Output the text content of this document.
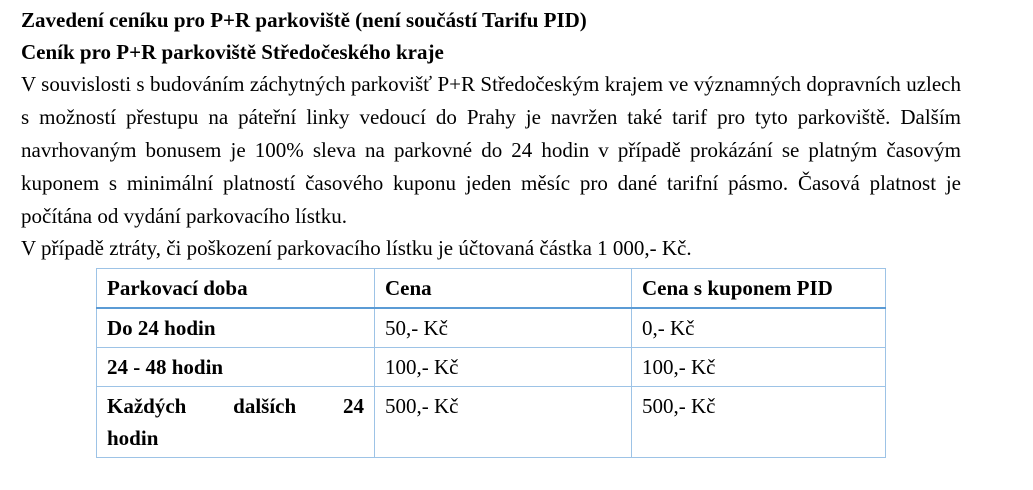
Zavedení ceníku pro P+R parkoviště (není součástí Tarifu PID)

Ceník pro P+R parkoviště Středočeského kraje

V souvislosti s budováním záchytných parkovišť P+R Středočeským krajem ve významných dopravních uzlech s možností přestupu na páteřní linky vedoucí do Prahy je navržen také tarif pro tyto parkoviště. Dalším navrhovaným bonusem je 100% sleva na parkovné do 24 hodin v případě prokázání se platným časovým kuponem s minimální platností časového kuponu jeden měsíc pro dané tarifní pásmo. Časová platnost je počítána od vydání parkovacího lístku.

V případě ztráty, či poškození parkovacího lístku je účtovaná částka 1 000,- Kč.

Parkovací doba	Cena	Cena s kuponem PID
Do 24 hodin	50,- Kč	0,- Kč
24 - 48 hodin	100,- Kč	100,- Kč

Každých dalších 24
hodin	500,- Kč	500,- Kč
